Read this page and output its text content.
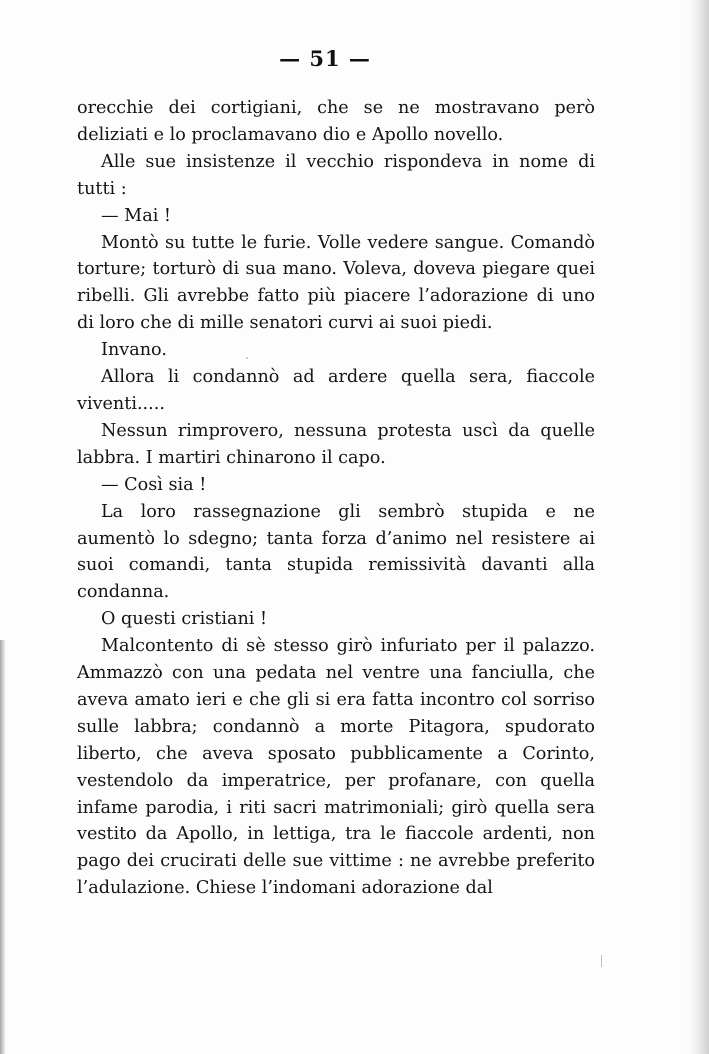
— 51 —

orecchie dei cortigiani, che se ne mostravano però deliziati e lo proclamavano dio e Apollo novello.

Alle sue insistenze il vecchio rispondeva in nome di tutti :

— Mai !

Montò su tutte le furie. Volle vedere sangue. Comandò torture; torturò di sua mano. Voleva, doveva piegare quei ribelli. Gli avrebbe fatto più piacere l’adorazione di uno di loro che di mille senatori curvi ai suoi piedi.

Invano.

Allora li condannò ad ardere quella sera, fiaccole viventi.....

Nessun rimprovero, nessuna protesta uscì da quelle labbra. I martiri chinarono il capo.

— Così sia !

La loro rassegnazione gli sembrò stupida e ne aumentò lo sdegno; tanta forza d’animo nel resistere ai suoi comandi, tanta stupida remissività davanti alla condanna.

O questi cristiani !

Malcontento di sè stesso girò infuriato per il palazzo. Ammazzò con una pedata nel ventre una fanciulla, che aveva amato ieri e che gli si era fatta incontro col sorriso sulle labbra; condannò a morte Pitagora, spudorato liberto, che aveva sposato pubblicamente a Corinto, vestendolo da imperatrice, per profanare, con quella infame parodia, i riti sacri matrimoniali; girò quella sera vestito da Apollo, in lettiga, tra le fiaccole ardenti, non pago dei crucirati delle sue vittime : ne avrebbe preferito l’adulazione. Chiese l’indomani adorazione dal
